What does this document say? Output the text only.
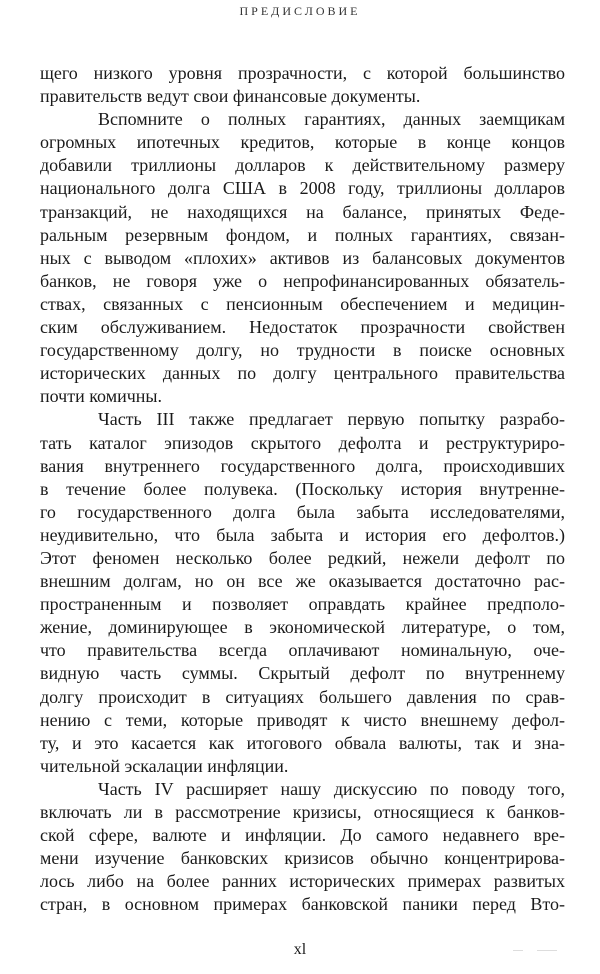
ПРЕДИСЛОВИЕ
щего низкого уровня прозрачности, с которой большинство
правительств ведут свои финансовые документы.
Вспомните о полных гарантиях, данных заемщикам
огромных ипотечных кредитов, которые в конце концов
добавили триллионы долларов к действительному размеру
национального долга США в 2008 году, триллионы долларов
транзакций, не находящихся на балансе, принятых Феде-
ральным резервным фондом, и полных гарантиях, связан-
ных с выводом «плохих» активов из балансовых документов
банков, не говоря уже о непрофинансированных обязатель-
ствах, связанных с пенсионным обеспечением и медицин-
ским обслуживанием. Недостаток прозрачности свойствен
государственному долгу, но трудности в поиске основных
исторических данных по долгу центрального правительства
почти комичны.
Часть III также предлагает первую попытку разрабо-
тать каталог эпизодов скрытого дефолта и реструктуриро-
вания внутреннего государственного долга, происходивших
в течение более полувека. (Поскольку история внутренне-
го государственного долга была забыта исследователями,
неудивительно, что была забыта и история его дефолтов.)
Этот феномен несколько более редкий, нежели дефолт по
внешним долгам, но он все же оказывается достаточно рас-
пространенным и позволяет оправдать крайнее предполо-
жение, доминирующее в экономической литературе, о том,
что правительства всегда оплачивают номинальную, оче-
видную часть суммы. Скрытый дефолт по внутреннему
долгу происходит в ситуациях большего давления по срав-
нению с теми, которые приводят к чисто внешнему дефол-
ту, и это касается как итогового обвала валюты, так и зна-
чительной эскалации инфляции.
Часть IV расширяет нашу дискуссию по поводу того,
включать ли в рассмотрение кризисы, относящиеся к банков-
ской сфере, валюте и инфляции. До самого недавнего вре-
мени изучение банковских кризисов обычно концентрирова-
лось либо на более ранних исторических примерах развитых
стран, в основном примерах банковской паники перед Вто-
xl
